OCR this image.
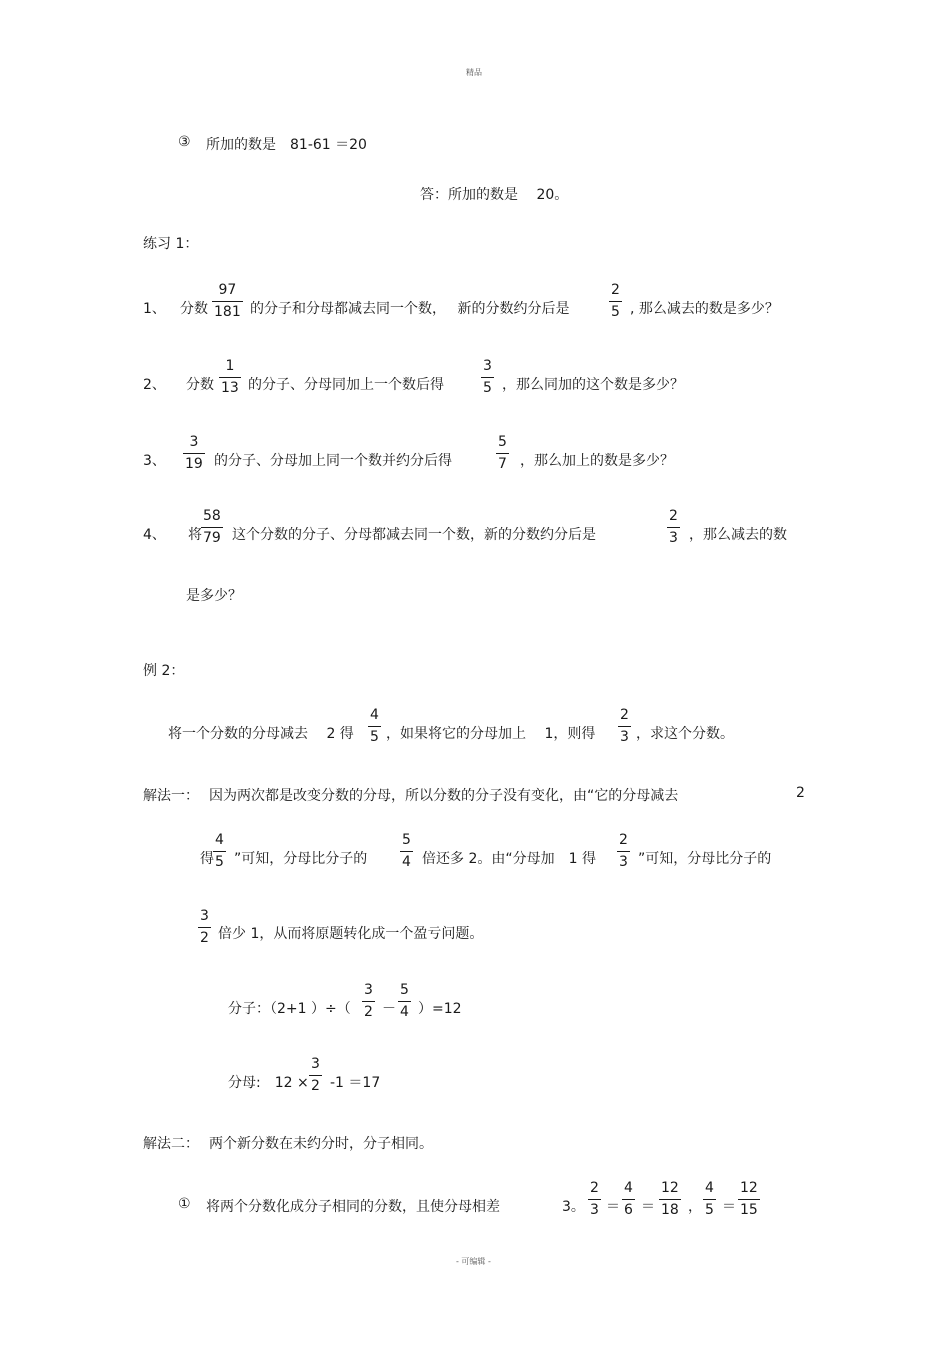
精品
- 可编辑 -
③ 所加的数是　81-61 ＝20
答：所加的数是　 20。
练习 1：
1、 分数
97
181 的分子和分母都减去同一个数，　 新的分数约分后是
2
5 , 那么减去的数是多少？
2、 分数
1
13 的分子、分母同加上一个数后得
3
5 ，那么同加的这个数是多少？
3、
3
19 的分子、分母加上同一个数并约分后得
5
7 ，那么加上的数是多少？
4、 将
58
79 这个分数的分子、分母都减去同一个数，新的分数约分后是
2
3 ，那么减去的数
是多少？
例 2：
将一个分数的分母减去　 2 得
4
5 ，如果将它的分母加上　 1，则得
2
3 ，求这个分数。
解法一： 因为两次都是改变分数的分母，所以分数的分子没有变化，由“它的分母减去	2
得
4
5 ”可知，分母比分子的
5
4 倍还多 2。由“分母加　1 得
2
3 ”可知，分母比分子的
3
2 倍少 1，从而将原题转化成一个盈亏问题。
分子：（2+1 ）÷（
3
2 －
5
4 ）=12
分母:　12 ×
3
2 -1 ＝17
解法二： 两个新分数在未约分时，分子相同。
① 将两个分数化成分子相同的分数，且使分母相差	3。
2
3 ＝
4
6 ＝
12
18 ，
4
5 ＝
12
15
